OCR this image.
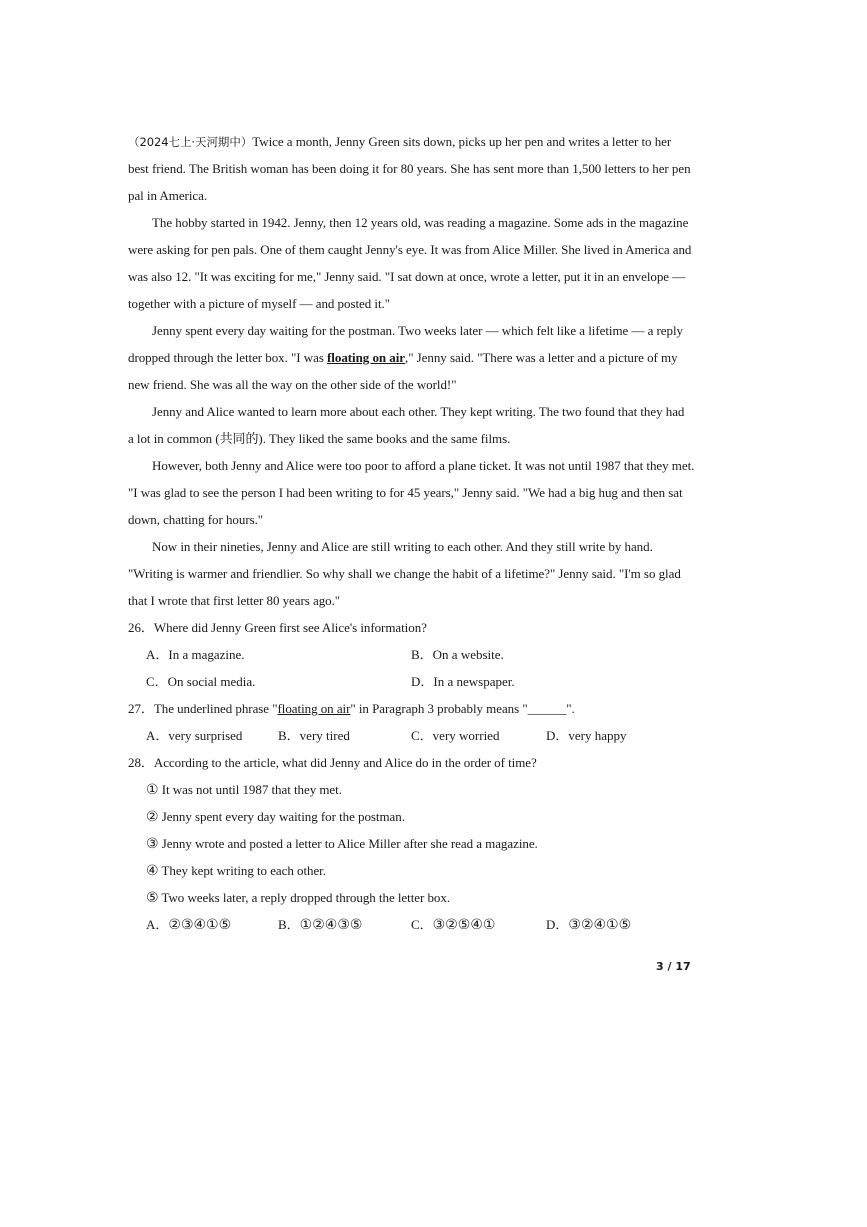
（2024七上·天河期中）Twice a month, Jenny Green sits down, picks up her pen and writes a letter to her
best friend. The British woman has been doing it for 80 years. She has sent more than 1,500 letters to her pen
pal in America.
The hobby started in 1942. Jenny, then 12 years old, was reading a magazine. Some ads in the magazine
were asking for pen pals. One of them caught Jenny's eye. It was from Alice Miller. She lived in America and
was also 12. "It was exciting for me," Jenny said. "I sat down at once, wrote a letter, put it in an envelope —
together with a picture of myself — and posted it."
Jenny spent every day waiting for the postman. Two weeks later — which felt like a lifetime — a reply
dropped through the letter box. "I was floating on air," Jenny said. "There was a letter and a picture of my
new friend. She was all the way on the other side of the world!"
Jenny and Alice wanted to learn more about each other. They kept writing. The two found that they had
a lot in common (共同的). They liked the same books and the same films.
However, both Jenny and Alice were too poor to afford a plane ticket. It was not until 1987 that they met.
"I was glad to see the person I had been writing to for 45 years," Jenny said. "We had a big hug and then sat
down, chatting for hours."
Now in their nineties, Jenny and Alice are still writing to each other. And they still write by hand.
"Writing is warmer and friendlier. So why shall we change the habit of a lifetime?" Jenny said. "I'm so glad
that I wrote that first letter 80 years ago."
26．Where did Jenny Green first see Alice's information?
A．In a magazine.	B．On a website.
C．On social media.	D．In a newspaper.
27．The underlined phrase "floating on air" in Paragraph 3 probably means "______".
A．very surprised	B．very tired	C．very worried	D．very happy
28．According to the article, what did Jenny and Alice do in the order of time?
① It was not until 1987 that they met.
② Jenny spent every day waiting for the postman.
③ Jenny wrote and posted a letter to Alice Miller after she read a magazine.
④ They kept writing to each other.
⑤ Two weeks later, a reply dropped through the letter box.
A．②③④①⑤	B．①②④③⑤	C．③②⑤④①	D．③②④①⑤
3 / 17
